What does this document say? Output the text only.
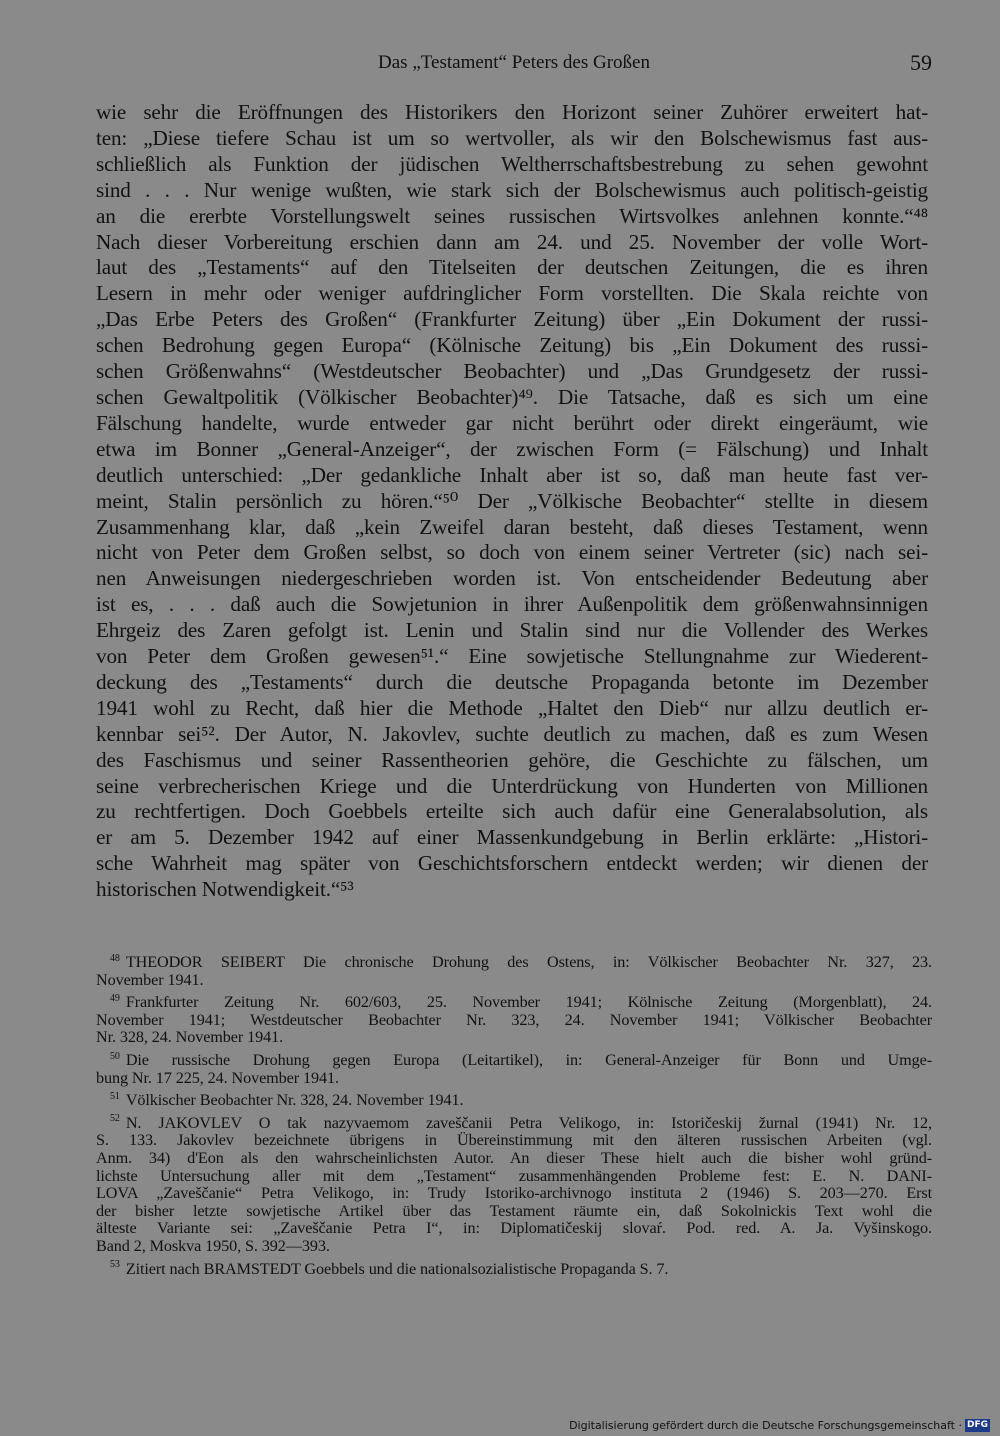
Das „Testament“ Peters des Großen	59
wie sehr die Eröffnungen des Historikers den Horizont seiner Zuhörer erweitert hat-
ten: „Diese tiefere Schau ist um so wertvoller, als wir den Bolschewismus fast aus-
schließlich als Funktion der jüdischen Weltherrschaftsbestrebung zu sehen gewohnt
sind . . . Nur wenige wußten, wie stark sich der Bolschewismus auch politisch-geistig
an die ererbte Vorstellungswelt seines russischen Wirtsvolkes anlehnen konnte.“⁴⁸
Nach dieser Vorbereitung erschien dann am 24. und 25. November der volle Wort-
laut des „Testaments“ auf den Titelseiten der deutschen Zeitungen, die es ihren
Lesern in mehr oder weniger aufdringlicher Form vorstellten. Die Skala reichte von
„Das Erbe Peters des Großen“ (Frankfurter Zeitung) über „Ein Dokument der russi-
schen Bedrohung gegen Europa“ (Kölnische Zeitung) bis „Ein Dokument des russi-
schen Größenwahns“ (Westdeutscher Beobachter) und „Das Grundgesetz der russi-
schen Gewaltpolitik (Völkischer Beobachter)⁴⁹. Die Tatsache, daß es sich um eine
Fälschung handelte, wurde entweder gar nicht berührt oder direkt eingeräumt, wie
etwa im Bonner „General-Anzeiger“, der zwischen Form (= Fälschung) und Inhalt
deutlich unterschied: „Der gedankliche Inhalt aber ist so, daß man heute fast ver-
meint, Stalin persönlich zu hören.“⁵⁰ Der „Völkische Beobachter“ stellte in diesem
Zusammenhang klar, daß „kein Zweifel daran besteht, daß dieses Testament, wenn
nicht von Peter dem Großen selbst, so doch von einem seiner Vertreter (sic) nach sei-
nen Anweisungen niedergeschrieben worden ist. Von entscheidender Bedeutung aber
ist es, . . . daß auch die Sowjetunion in ihrer Außenpolitik dem größenwahnsinnigen
Ehrgeiz des Zaren gefolgt ist. Lenin und Stalin sind nur die Vollender des Werkes
von Peter dem Großen gewesen⁵¹.“ Eine sowjetische Stellungnahme zur Wiederent-
deckung des „Testaments“ durch die deutsche Propaganda betonte im Dezember
1941 wohl zu Recht, daß hier die Methode „Haltet den Dieb“ nur allzu deutlich er-
kennbar sei⁵². Der Autor, N. Jakovlev, suchte deutlich zu machen, daß es zum Wesen
des Faschismus und seiner Rassentheorien gehöre, die Geschichte zu fälschen, um
seine verbrecherischen Kriege und die Unterdrückung von Hunderten von Millionen
zu rechtfertigen. Doch Goebbels erteilte sich auch dafür eine Generalabsolution, als
er am 5. Dezember 1942 auf einer Massenkundgebung in Berlin erklärte: „Histori-
sche Wahrheit mag später von Geschichtsforschern entdeckt werden; wir dienen der
historischen Notwendigkeit.“⁵³
$^{48}$ THEODOR SEIBERT Die chronische Drohung des Ostens, in: Völkischer Beobachter Nr. 327, 23.
November 1941.
$^{49}$ Frankfurter Zeitung Nr. 602/603, 25. November 1941; Kölnische Zeitung (Morgenblatt), 24.
November 1941; Westdeutscher Beobachter Nr. 323, 24. November 1941; Völkischer Beobachter
Nr. 328, 24. November 1941.
$^{50}$ Die russische Drohung gegen Europa (Leitartikel), in: General-Anzeiger für Bonn und Umge-
bung Nr. 17 225, 24. November 1941.
$^{51}$ Völkischer Beobachter Nr. 328, 24. November 1941.
$^{52}$ N. JAKOVLEV O tak nazyvaemom zaveščanii Petra Velikogo, in: Istoričeskij žurnal (1941) Nr. 12,
S. 133. Jakovlev bezeichnete übrigens in Übereinstimmung mit den älteren russischen Arbeiten (vgl.
Anm. 34) d'Eon als den wahrscheinlichsten Autor. An dieser These hielt auch die bisher wohl gründ-
lichste Untersuchung aller mit dem „Testament“ zusammenhängenden Probleme fest: E. N. DANI-
LOVA „Zaveščanie“ Petra Velikogo, in: Trudy Istoriko-archivnogo instituta 2 (1946) S. 203—270. Erst
der bisher letzte sowjetische Artikel über das Testament räumte ein, daß Sokolnickis Text wohl die
älteste Variante sei: „Zaveščanie Petra I“, in: Diplomatičeskij slovaŕ. Pod. red. A. Ja. Vyšinskogo.
Band 2, Moskva 1950, S. 392—393.
$^{53}$ Zitiert nach BRAMSTEDT Goebbels und die nationalsozialistische Propaganda S. 7.
Digitalisierung gefördert durch die Deutsche Forschungsgemeinschaft · DFG
